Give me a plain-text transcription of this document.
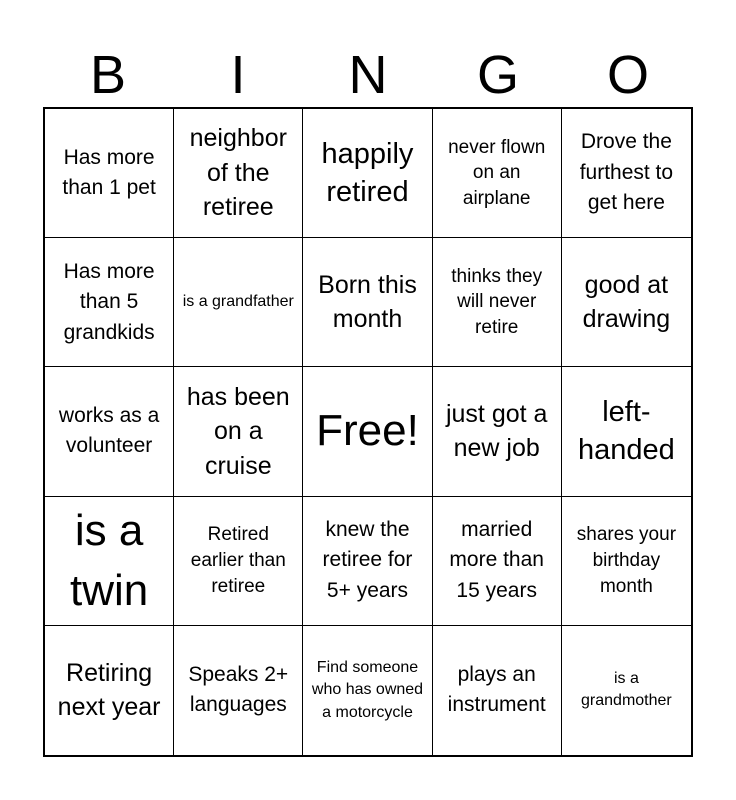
B	I	N	G	O
Has more than 1 pet
neighbor of the retiree
happily retired
never flown on an airplane
Drove the furthest to get here
Has more than 5 grandkids
is a grandfather
Born this month
thinks they will never retire
good at drawing
works as a volunteer
has been on a cruise
Free!	just got a new job
left-handed
is a twin
Retired earlier than retiree
knew the retiree for 5+ years
married more than 15 years
shares your birthday month
Retiring next year
Speaks 2+ languages
Find someone who has owned a motorcycle
plays an instrument
is a grandmother
